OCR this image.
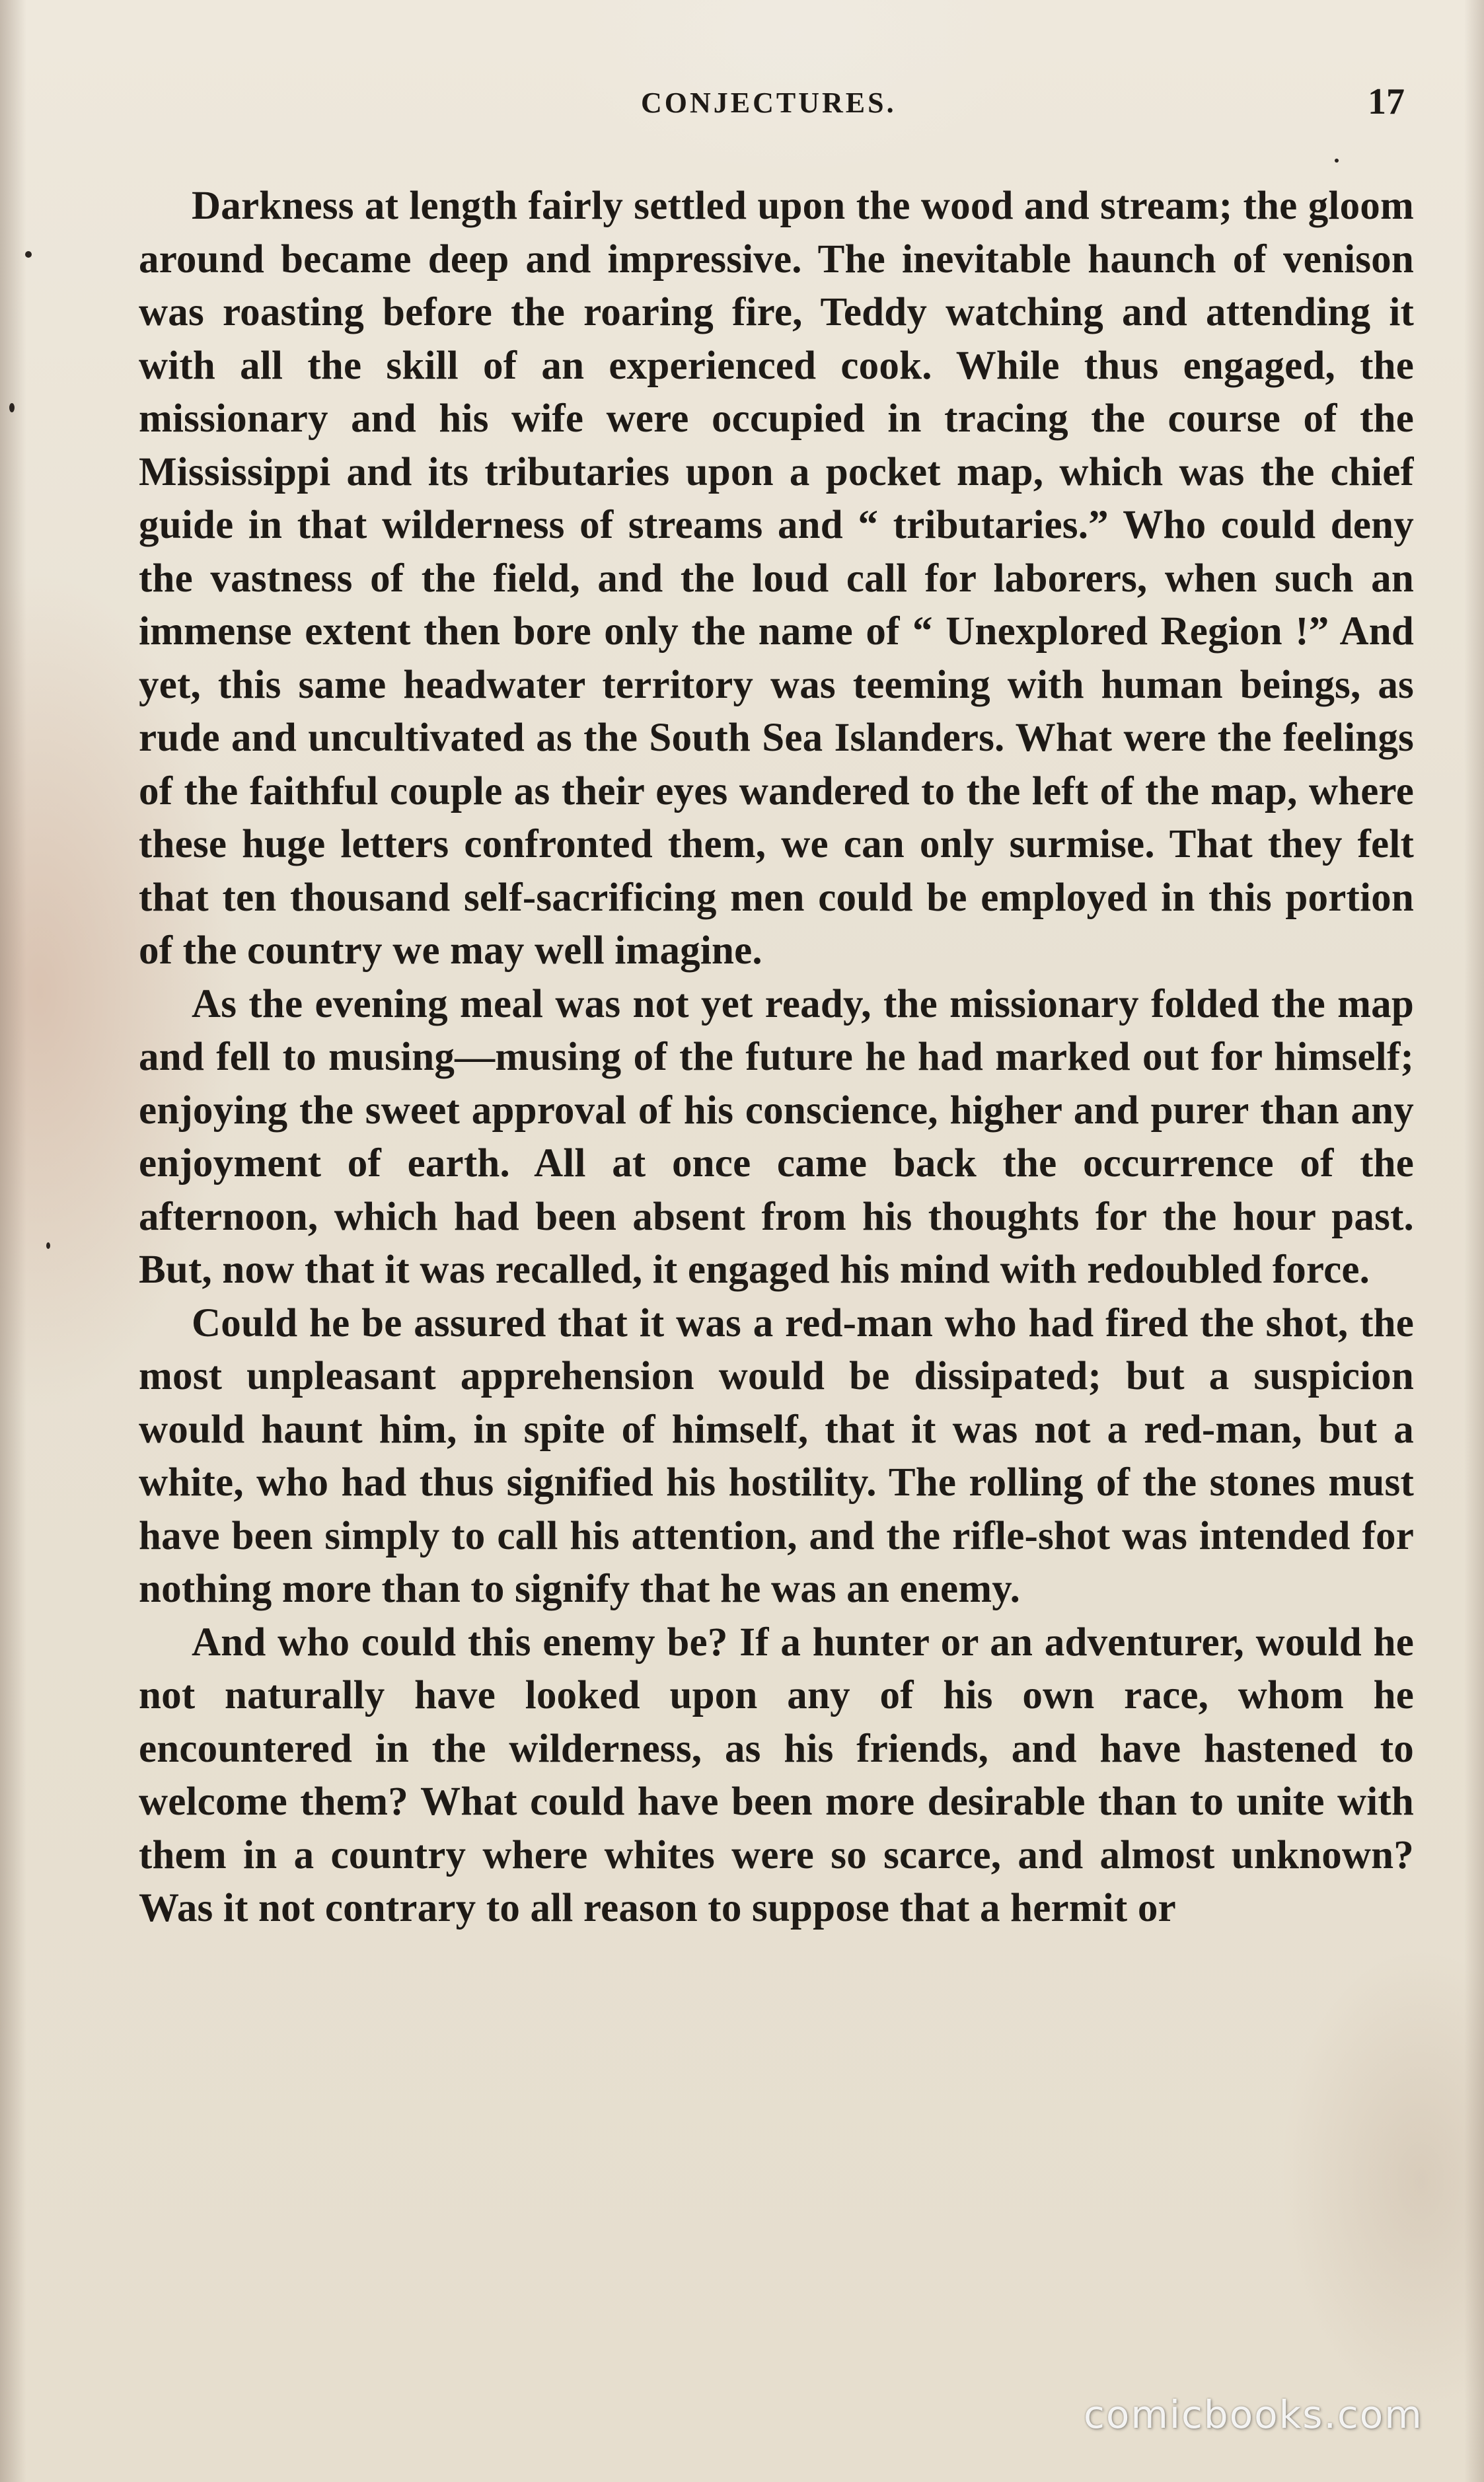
CONJECTURES.	17

Darkness at length fairly settled upon the wood and stream; the gloom around became deep and impressive. The inevitable haunch of venison was roasting before the roaring fire, Teddy watching and attending it with all the skill of an experienced cook. While thus engaged, the missionary and his wife were occupied in tracing the course of the Mississippi and its tributaries upon a pocket map, which was the chief guide in that wilderness of streams and “ tributaries.” Who could deny the vastness of the field, and the loud call for laborers, when such an immense extent then bore only the name of “ Unexplored Region !” And yet, this same headwater territory was teeming with human beings, as rude and uncultivated as the South Sea Islanders. What were the feelings of the faithful couple as their eyes wandered to the left of the map, where these huge letters confronted them, we can only surmise. That they felt that ten thousand self-sacrificing men could be employed in this portion of the country we may well imagine.

As the evening meal was not yet ready, the missionary folded the map and fell to musing—musing of the future he had marked out for himself; enjoying the sweet approval of his conscience, higher and purer than any enjoyment of earth. All at once came back the occurrence of the afternoon, which had been absent from his thoughts for the hour past. But, now that it was recalled, it engaged his mind with redoubled force.

Could he be assured that it was a red-man who had fired the shot, the most unpleasant apprehension would be dissipated; but a suspicion would haunt him, in spite of himself, that it was not a red-man, but a white, who had thus signified his hostility. The rolling of the stones must have been simply to call his attention, and the rifle-shot was intended for nothing more than to signify that he was an enemy.

And who could this enemy be? If a hunter or an adventurer, would he not naturally have looked upon any of his own race, whom he encountered in the wilderness, as his friends, and have hastened to welcome them? What could have been more desirable than to unite with them in a country where whites were so scarce, and almost unknown? Was it not contrary to all reason to suppose that a hermit or

comicbooks.com
